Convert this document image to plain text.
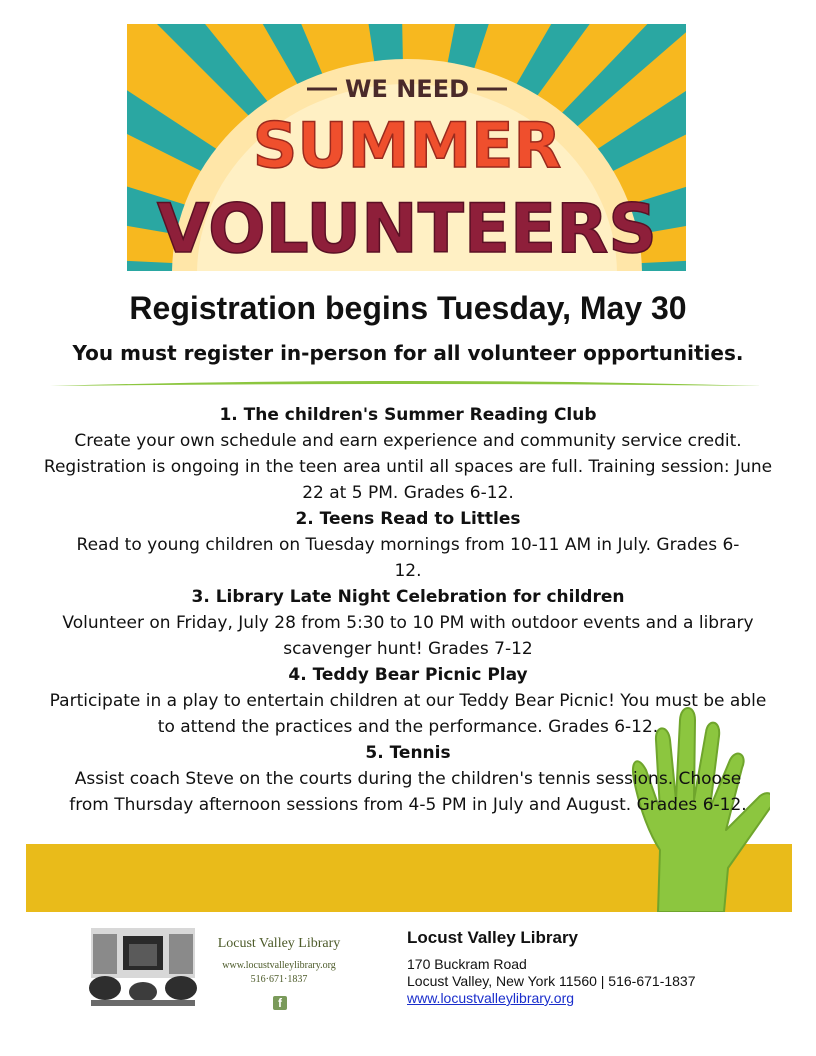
WE NEED
SUMMER
VOLUNTEERS
Registration begins Tuesday, May 30
You must register in-person for all volunteer opportunities.
1. The children's Summer Reading Club
Create your own schedule and earn experience and community service credit. Registration is ongoing in the teen area until all spaces are full. Training session: June 22 at 5 PM. Grades 6-12.
2. Teens Read to Littles
Read to young children on Tuesday mornings from 10-11 AM in July. Grades 6-12.
3. Library Late Night Celebration for children
Volunteer on Friday, July 28 from 5:30 to 10 PM with outdoor events and a library scavenger hunt! Grades 7-12
4. Teddy Bear Picnic Play
Participate in a play to entertain children at our Teddy Bear Picnic! You must be able to attend the practices and the performance. Grades 6-12.
5. Tennis
Assist coach Steve on the courts during the children's tennis sessions. Choose from Thursday afternoon sessions from 4-5 PM in July and August. Grades 6-12.
Locust Valley Library
www.locustvalleylibrary.org
516·671·1837
f
Locust Valley Library
170 Buckram Road
Locust Valley, New York 11560 | 516-671-1837
www.locustvalleylibrary.org
